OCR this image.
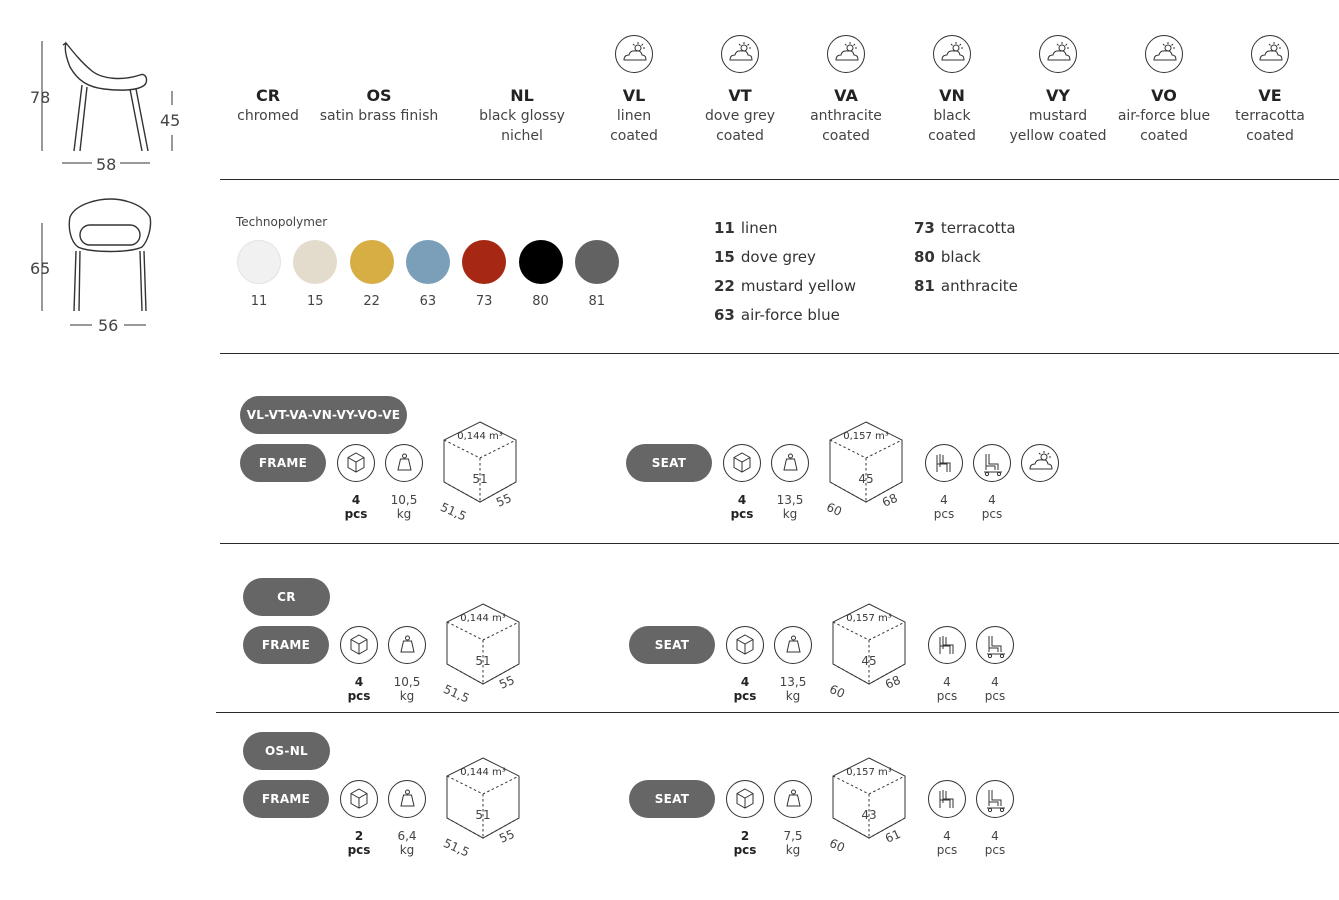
78
45
58
65
56
CR
chromed
OS
satin brass finish
NL
black glossy nichel
VL
linen
coated
VT
dove grey
coated
VA
anthracite
coated
VN
black
coated
VY
mustard
yellow coated
VO
air-force blue
coated
VE
terracotta
coated
Technopolymer
11	15	22	63	73	80	81
11 linen
15 dove grey
22 mustard yellow
63 air-force blue
73 terracotta
80 black
81 anthracite
VL-VT-VA-VN-VY-VO-VE
FRAME
4
pcs
10,5
kg
0,144 m³
51
51,5 55
SEAT
4
pcs
13,5
kg
0,157 m³
45
60	68	4
pcs
4
pcs
CR
FRAME
4
pcs
10,5
kg
0,144 m³
51
51,5 55
SEAT
4
pcs
13,5
kg
0,157 m³
45
60	68	4
pcs
4
pcs
OS-NL
FRAME
2
pcs
6,4
kg
0,144 m³
51
51,5 55
SEAT
2
pcs
7,5
kg
0,157 m³
43
60	61	4
pcs
4
pcs
